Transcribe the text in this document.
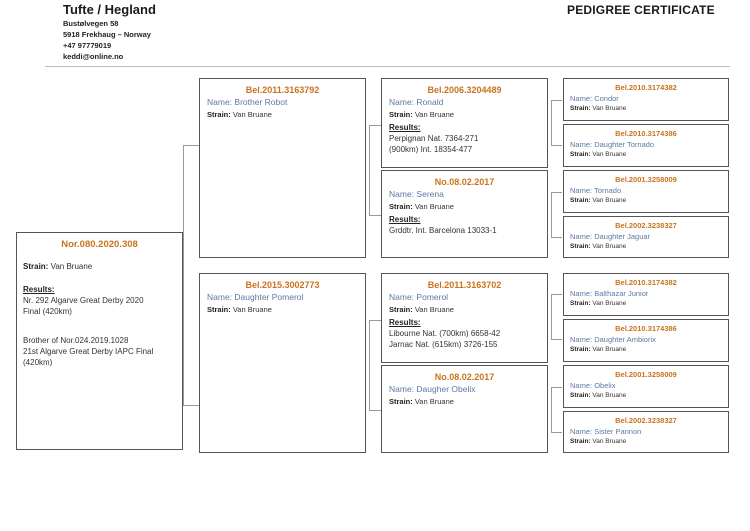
Tufte / Hegland
Bustølvegen 58
5918 Frekhaug – Norway
+47 97779019
keddi@online.no
PEDIGREE CERTIFICATE
Nor.080.2020.308
Strain: Van Bruane
Results:
Nr. 292 Algarve Great Derby 2020
Final (420km)
Brother of Nor.024.2019.1028
21st Algarve Great Derby IAPC Final
(420km)
Bel.2011.3163792
Name: Brother Robot
Strain: Van Bruane
Bel.2015.3002773
Name: Daughter Pomerol
Strain: Van Bruane
Bel.2006.3204489
Name: Ronald
Strain: Van Bruane
Results:
Perpignan Nat. 7364-271
(900km) Int. 18354-477
No.08.02.2017
Name: Serena
Strain: Van Bruane
Results:
Grddtr. Int. Barcelona 13033-1
Bel.2011.3163702
Name: Pomerol
Strain: Van Bruane
Results:
Libourne Nat. (700km) 6658-42
Jarnac Nat. (615km) 3726-155
No.08.02.2017
Name: Daugher Obelix
Strain: Van Bruane
Bel.2010.3174382
Name: Condor
Strain: Van Bruane
Bel.2010.3174386
Name: Daughter Tornado
Strain: Van Bruane
Bel.2001.3258009
Name: Tornado
Strain: Van Bruane
Bel.2002.3238327
Name: Daughter Jaguar
Strain: Van Bruane
Bel.2010.3174382
Name: Balthazar Junior
Strain: Van Bruane
Bel.2010.3174386
Name: Daughter Ambiorix
Strain: Van Bruane
Bel.2001.3258009
Name: Obelix
Strain: Van Bruane
Bel.2002.3238327
Name: Sister Pannon
Strain: Van Bruane
